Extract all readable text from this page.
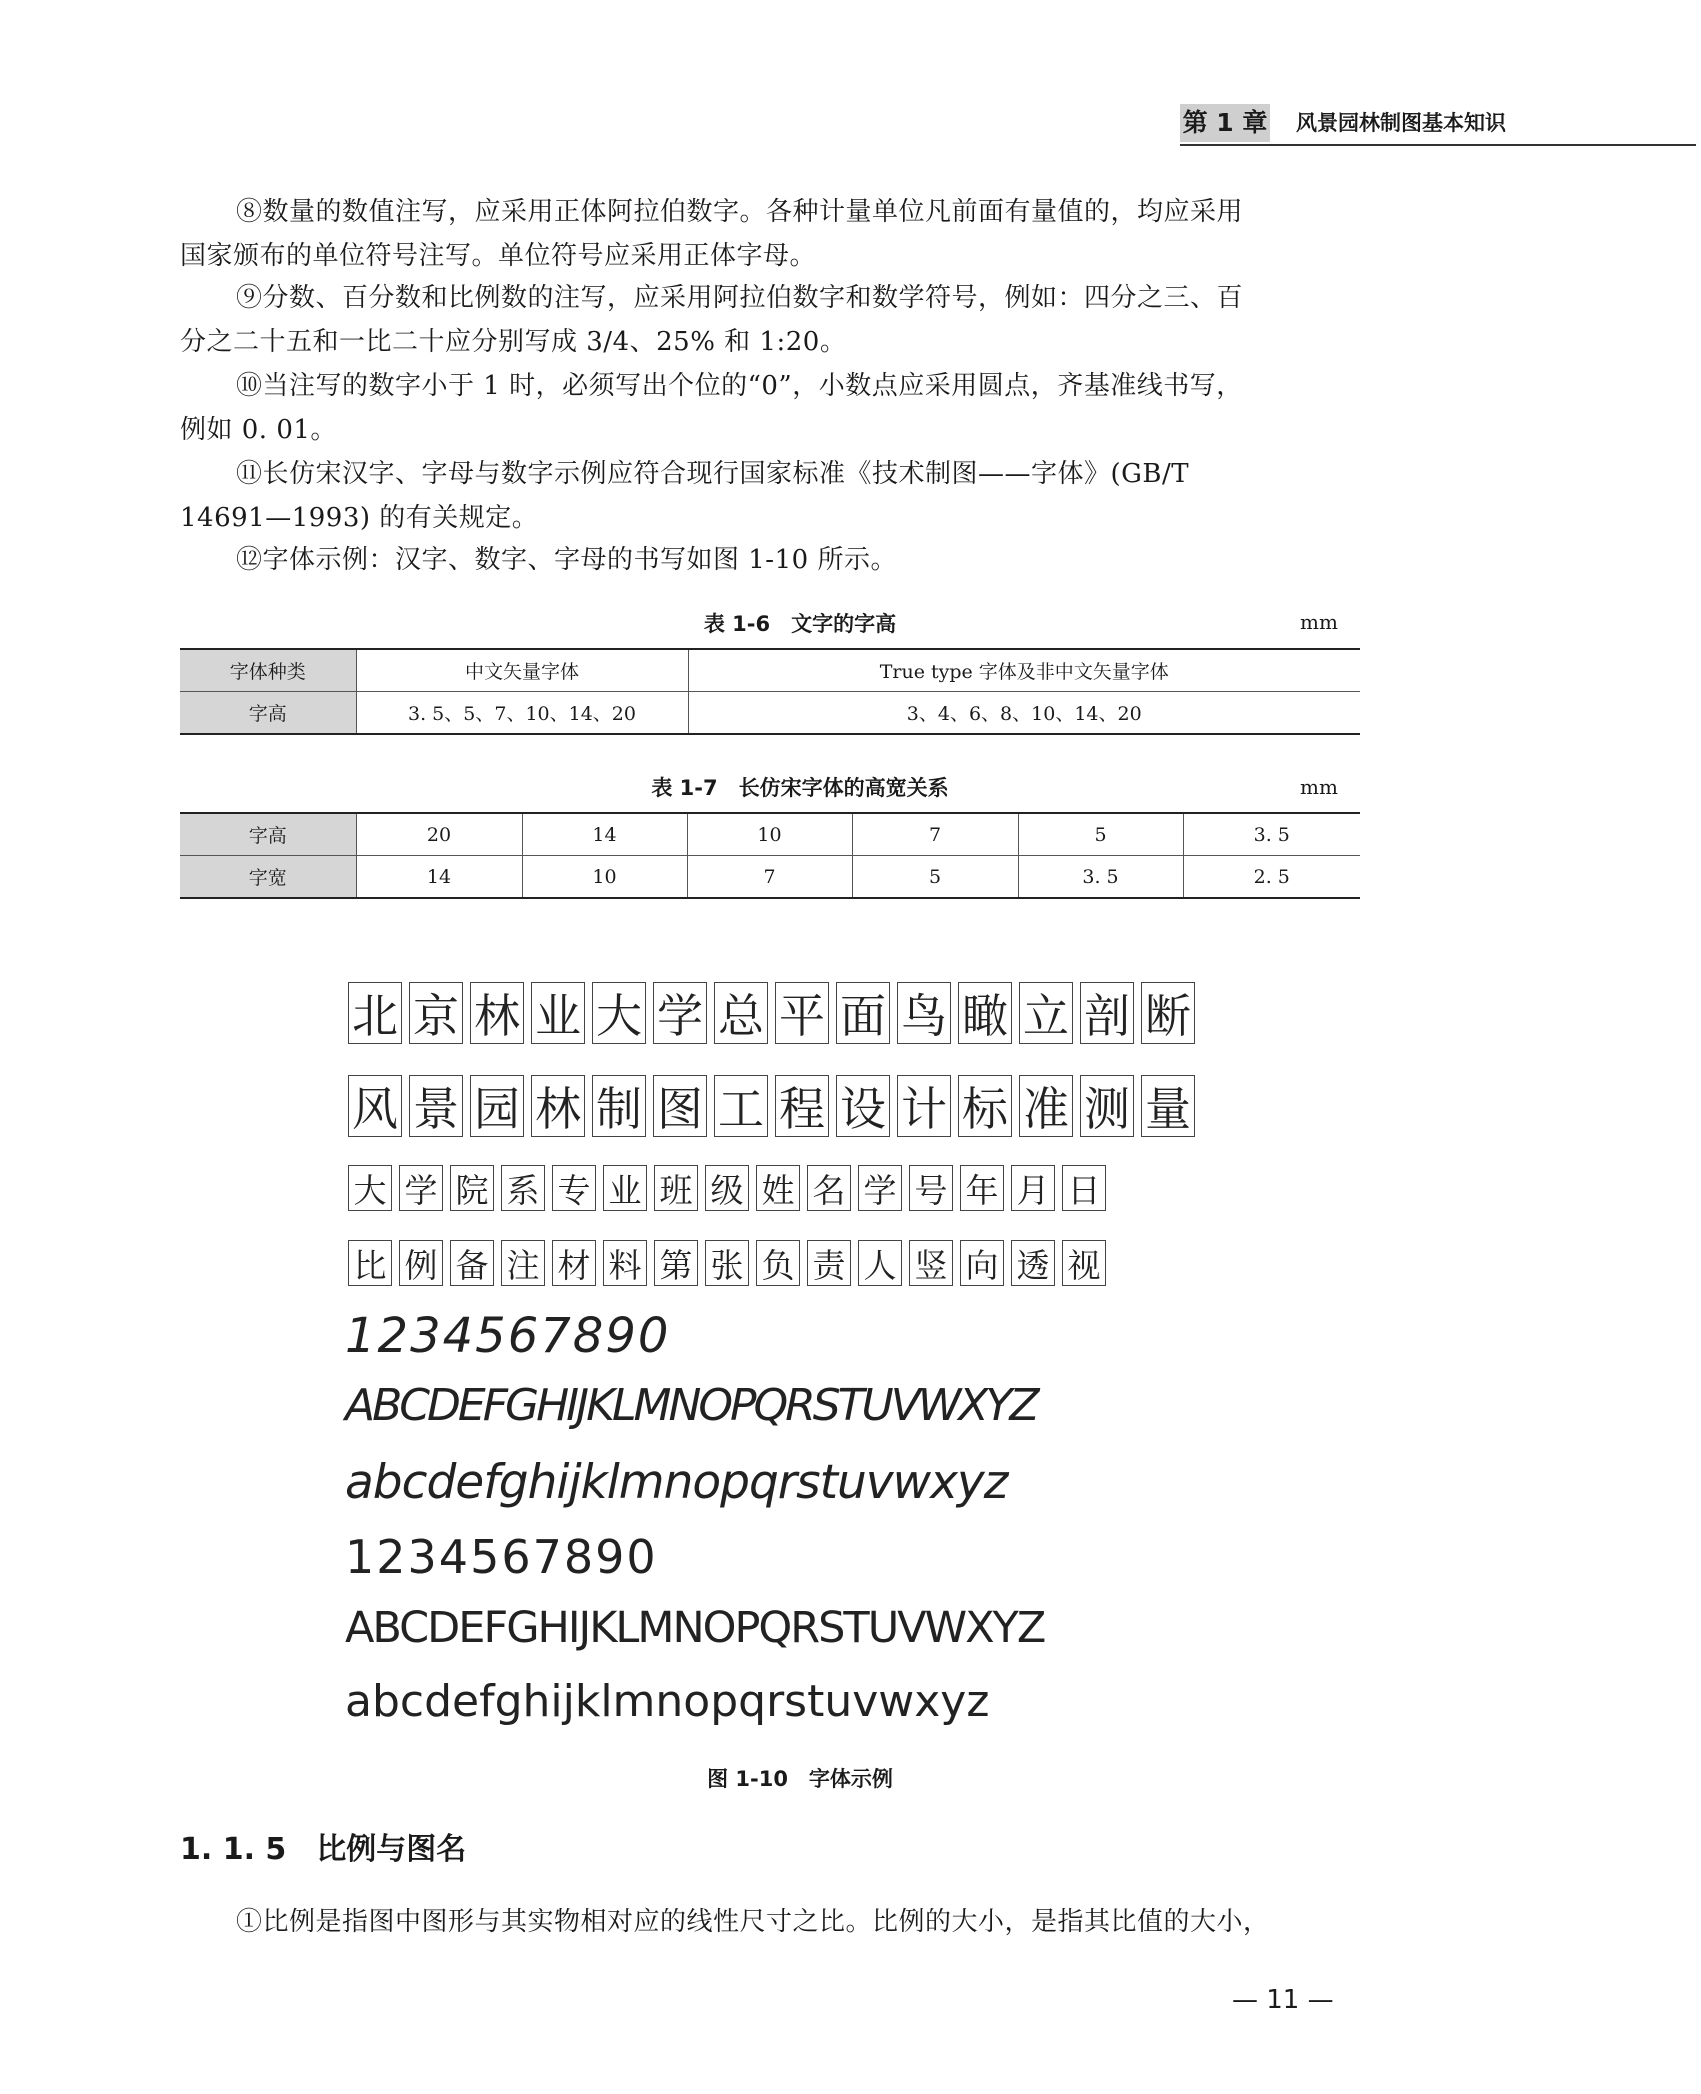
第 1 章 风景园林制图基本知识
⑧数量的数值注写，应采用正体阿拉伯数字。各种计量单位凡前面有量值的，均应采用
国家颁布的单位符号注写。单位符号应采用正体字母。
⑨分数、百分数和比例数的注写，应采用阿拉伯数字和数学符号，例如：四分之三、百
分之二十五和一比二十应分别写成 3/4、25% 和 1:20。
⑩当注写的数字小于 1 时，必须写出个位的“0”，小数点应采用圆点，齐基准线书写，
例如 0. 01。
⑪长仿宋汉字、字母与数字示例应符合现行国家标准《技术制图——字体》(GB/T
14691—1993) 的有关规定。
⑫字体示例：汉字、数字、字母的书写如图 1-10 所示。
表 1-6　文字的字高	mm
字体种类	中文矢量字体	True type 字体及非中文矢量字体
字高	3. 5、5、7、10、14、20	3、4、6、8、10、14、20
表 1-7　长仿宋字体的高宽关系	mm
字高	20	14	10	7	5	3. 5
字宽	14	10	7	5	3. 5	2. 5
北 京 林 业 大 学 总 平 面 鸟 瞰 立 剖 断
风 景 园 林 制 图 工 程 设 计 标 准 测 量
大 学 院 系 专 业 班 级 姓 名 学 号 年 月 日
比 例 备 注 材 料 第 张 负 责 人 竖 向 透 视
1234567890
ABCDEFGHIJKLMNOPQRSTUVWXYZ
abcdefghijklmnopqrstuvwxyz
1234567890
ABCDEFGHIJKLMNOPQRSTUVWXYZ
abcdefghijklmnopqrstuvwxyz
图 1-10　字体示例
1. 1. 5 比例与图名
①比例是指图中图形与其实物相对应的线性尺寸之比。比例的大小，是指其比值的大小，
— 11 —
